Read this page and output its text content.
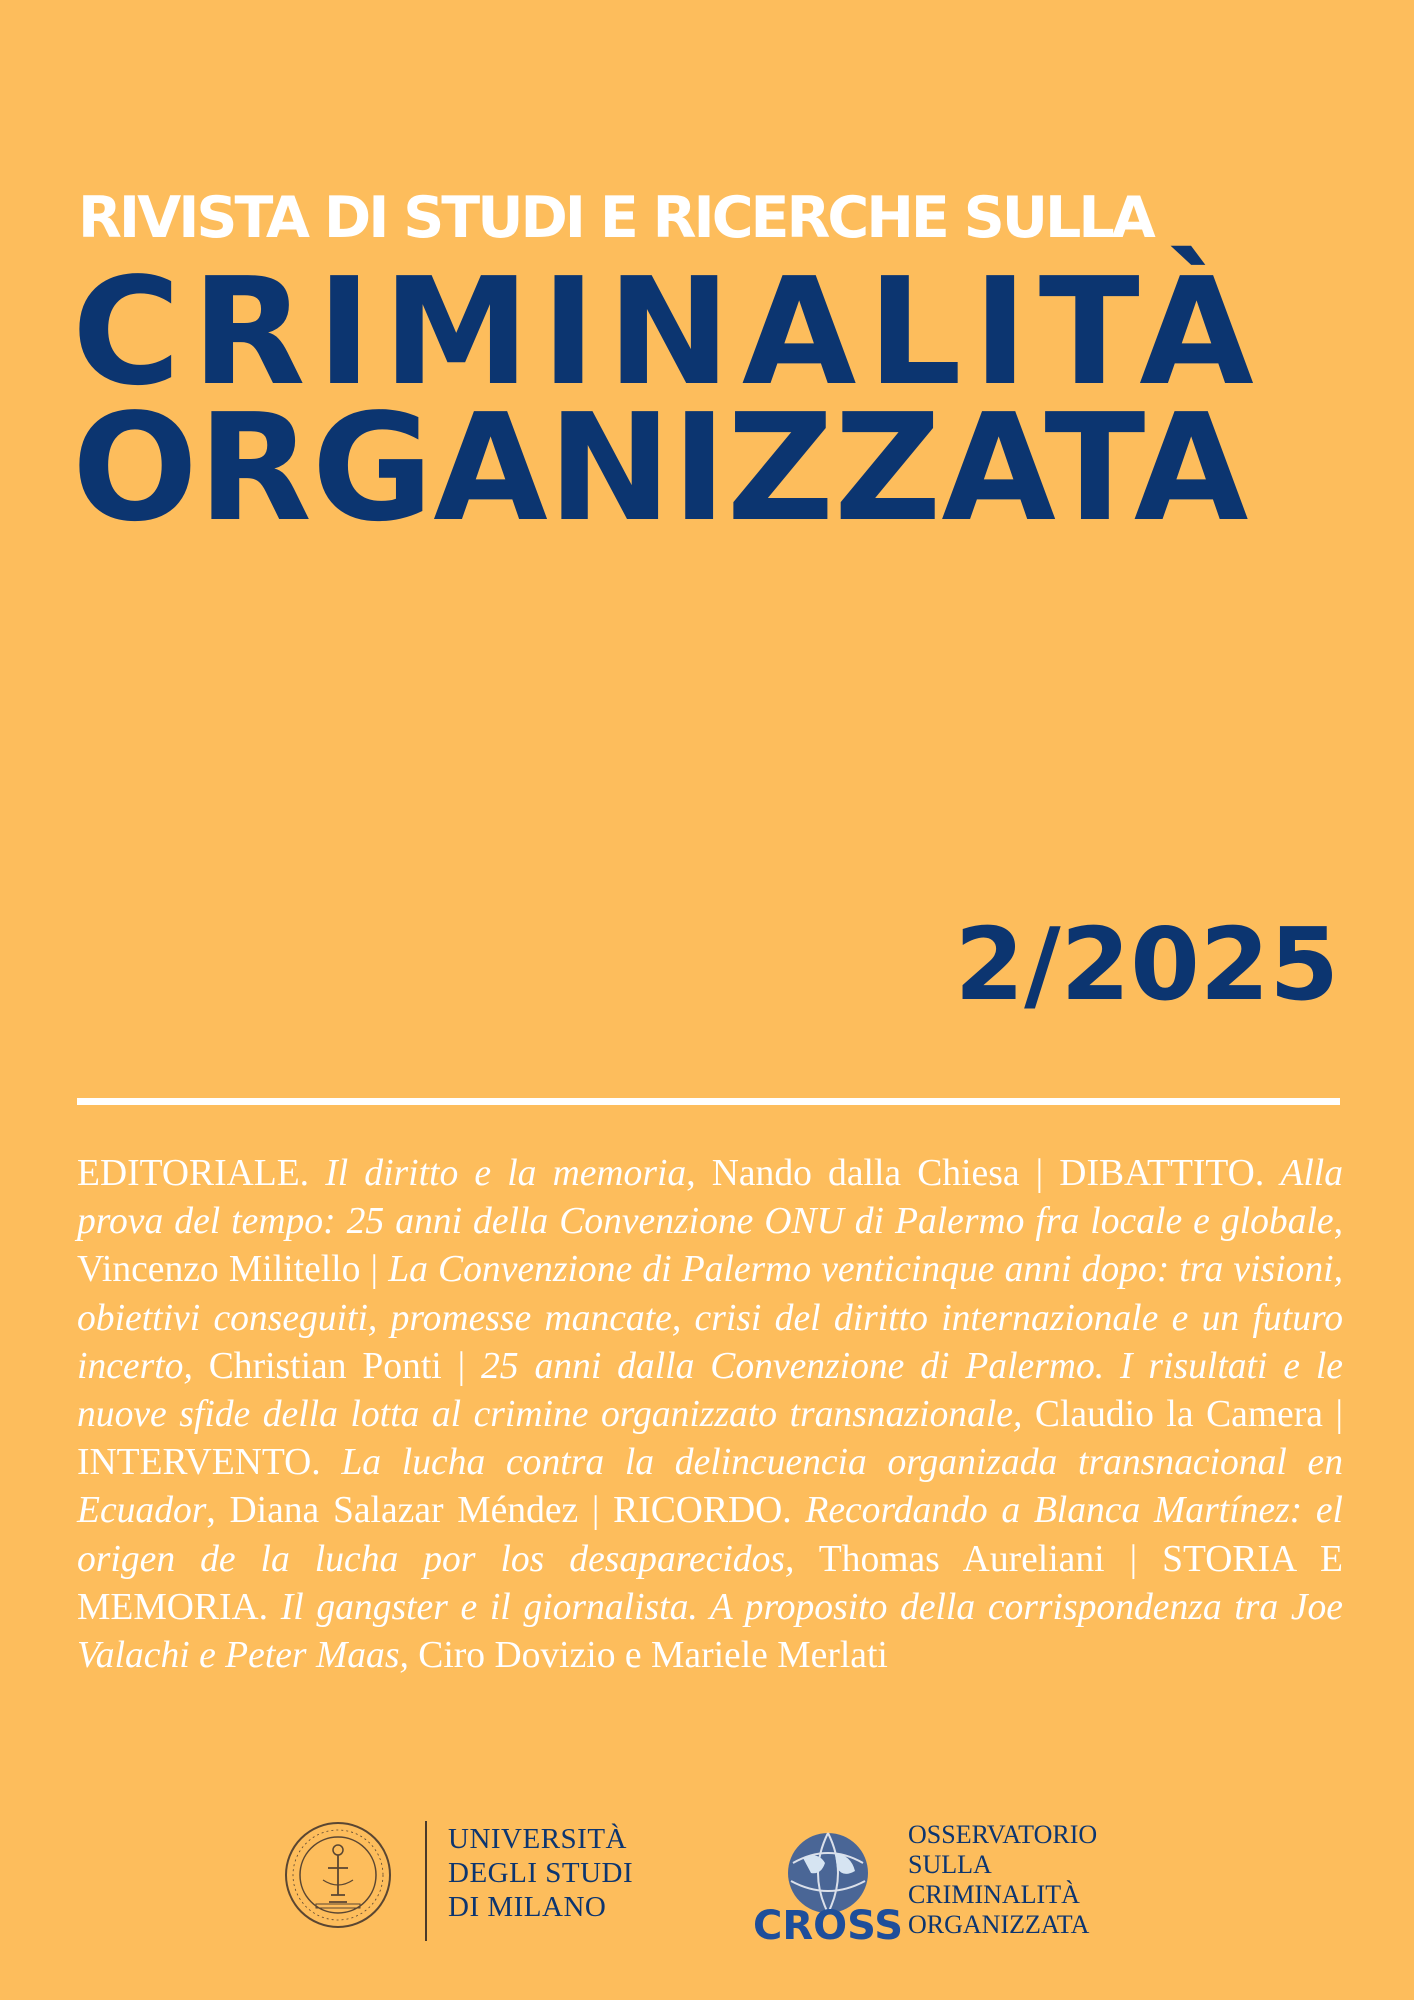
RIVISTA DI STUDI E RICERCHE SULLA
CRIMINALITÀ
ORGANIZZATA
2/2025
EDITORIALE. Il diritto e la memoria, Nando dalla Chiesa | DIBATTITO. Alla prova del tempo: 25 anni della Convenzione ONU di Palermo fra locale e globale, Vincenzo Militello | La Convenzione di Palermo venticinque anni dopo: tra visioni, obiettivi conseguiti, promesse mancate, crisi del diritto internazionale e un futuro incerto, Christian Ponti | 25 anni dalla Convenzione di Palermo. I risultati e le nuove sfide della lotta al crimine organizzato transnazionale, Claudio la Camera | INTERVENTO. La lucha contra la delincuencia organizada transnacional en Ecuador, Diana Salazar Méndez | RICORDO. Recordando a Blanca Martínez: el origen de la lucha por los desaparecidos, Thomas Aureliani | STORIA E MEMORIA. Il gangster e il giornalista. A proposito della corrispondenza tra Joe Valachi e Peter Maas, Ciro Dovizio e Mariele Merlati
UNIVERSITÀ
DEGLI STUDI
DI MILANO	CROSS
OSSERVATORIO
SULLA
CRIMINALITÀ
ORGANIZZATA
